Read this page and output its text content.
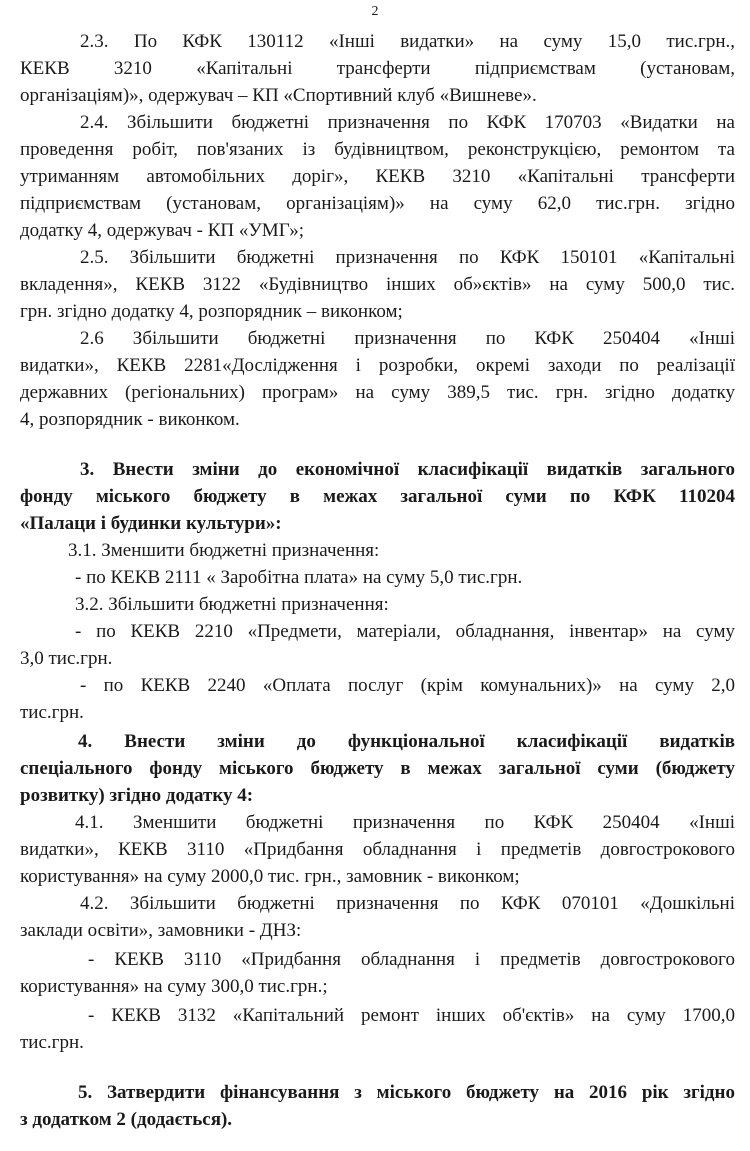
2
2.3. По КФК 130112 «Інші видатки» на суму 15,0 тис.грн.,
КЕКВ 3210 «Капітальні трансферти підприємствам (установам,
організаціям)», одержувач – КП «Спортивний клуб «Вишневе».
2.4. Збільшити бюджетні призначення по КФК 170703 «Видатки на
проведення робіт, пов'язаних із будівництвом, реконструкцією, ремонтом та
утриманням автомобільних доріг», КЕКВ 3210 «Капітальні трансферти
підприємствам (установам, організаціям)» на суму 62,0 тис.грн. згідно
додатку 4, одержувач - КП «УМГ»;
2.5. Збільшити бюджетні призначення по КФК 150101 «Капітальні
вкладення», КЕКВ 3122 «Будівництво інших об»єктів» на суму 500,0 тис.
грн. згідно додатку 4, розпорядник – виконком;
2.6 Збільшити бюджетні призначення по КФК 250404 «Інші
видатки», КЕКВ 2281«Дослідження і розробки, окремі заходи по реалізації
державних (регіональних) програм» на суму 389,5 тис. грн. згідно додатку
4, розпорядник - виконком.
3. Внести зміни до економічної класифікації видатків загального
фонду міського бюджету в межах загальної суми по КФК 110204
«Палаци і будинки культури»:
3.1. Зменшити бюджетні призначення:
- по КЕКВ 2111 « Заробітна плата» на суму 5,0 тис.грн.
3.2. Збільшити бюджетні призначення:
- по КЕКВ 2210 «Предмети, матеріали, обладнання, інвентар» на суму
3,0 тис.грн.
- по КЕКВ 2240 «Оплата послуг (крім комунальних)» на суму 2,0
тис.грн.
4. Внести зміни до функціональної класифікації видатків
спеціального фонду міського бюджету в межах загальної суми (бюджету
розвитку) згідно додатку 4:
4.1. Зменшити бюджетні призначення по КФК 250404 «Інші
видатки», КЕКВ 3110 «Придбання обладнання і предметів довгострокового
користування» на суму 2000,0 тис. грн., замовник - виконком;
4.2. Збільшити бюджетні призначення по КФК 070101 «Дошкільні
заклади освіти», замовники - ДНЗ:
- КЕКВ 3110 «Придбання обладнання і предметів довгострокового
користування» на суму 300,0 тис.грн.;
- КЕКВ 3132 «Капітальний ремонт інших об'єктів» на суму 1700,0
тис.грн.
5. Затвердити фінансування з міського бюджету на 2016 рік згідно
з додатком 2 (додається).
